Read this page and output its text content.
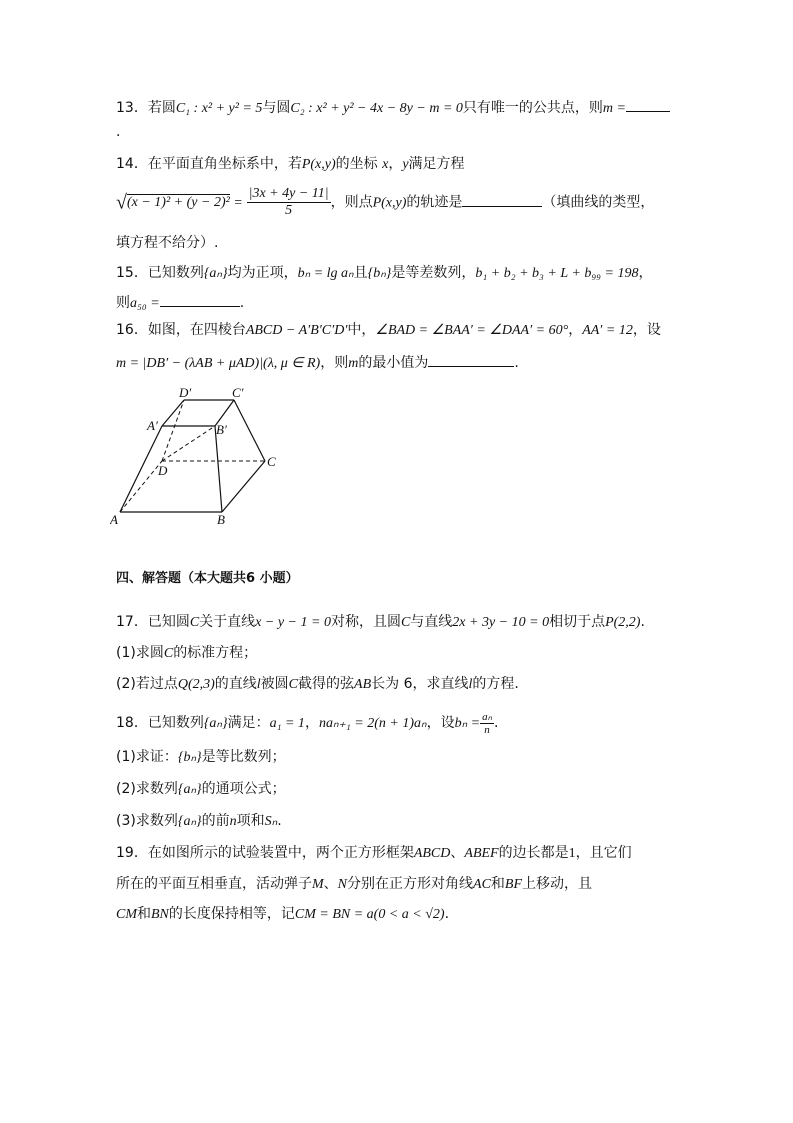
13．若圆C₁ : x² + y² = 5与圆C₂ : x² + y² − 4x − 8y − m = 0只有唯一的公共点，则m =
.
14．在平面直角坐标系中，若P(x,y)的坐标 x，y满足方程
$√(x - 1)^2 + (y - 2)^2 = \frac{|3x + 4y - 11|}{5}$ ，则点P(x,y)的轨迹是	（填曲线的类型，
填方程不给分）.
15．已知数列{aₙ}均为正项，bₙ = lg aₙ且{bₙ}是等差数列，b₁ + b₂ + b₃ + L + b₉₉ = 198，
则a₅₀ =	.
16．如图，在四棱台ABCD − A′B′C′D′中，∠BAD = ∠BAA′ = ∠DAA′ = 60°，AA′ = 12，设
m = |DB′ − (λAB + μAD)|(λ, μ ∈ R)，则m的最小值为	.
A	B
C
D
A′	B′
C′
D′
四、解答题（本大题共6 小题）
17．已知圆C关于直线x − y − 1 = 0对称，且圆C与直线2x + 3y − 10 = 0相切于点P(2,2).
(1)求圆C的标准方程；
(2)若过点Q(2,3)的直线l被圆C截得的弦AB长为 6，求直线l的方程.
18．已知数列{aₙ}满足：a₁ = 1，naₙ₊₁ = 2(n + 1)aₙ，设$b_n = \frac{\text{aₙ}}{n}$ .
(1)求证：{bₙ}是等比数列；
(2)求数列{aₙ}的通项公式；
(3)求数列{aₙ}的前n项和Sₙ.
19．在如图所示的试验装置中，两个正方形框架ABCD、ABEF的边长都是1，且它们
所在的平面互相垂直，活动弹子M、N分别在正方形对角线AC和BF上移动，且
CM和BN的长度保持相等，记CM = BN = a(0 < a < √2).
